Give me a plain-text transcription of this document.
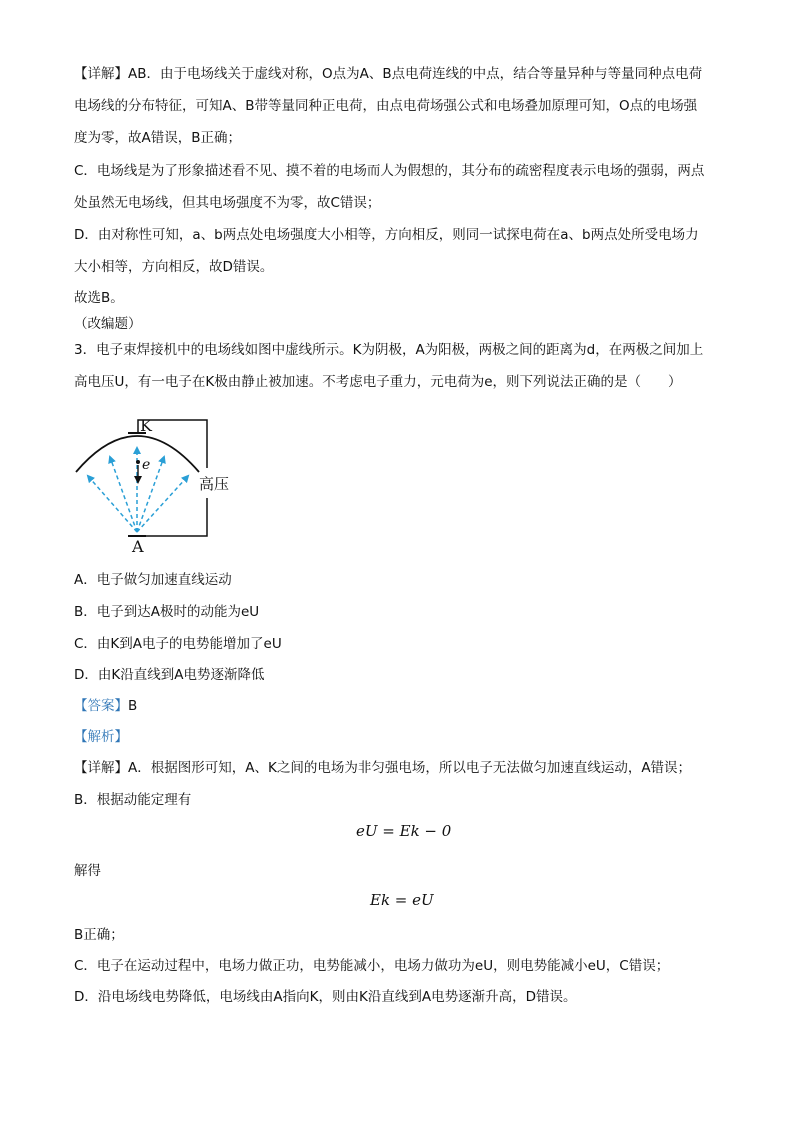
【详解】AB．由于电场线关于虚线对称，O点为A、B点电荷连线的中点，结合等量异种与等量同种点电荷
电场线的分布特征，可知A、B带等量同种正电荷，由点电荷场强公式和电场叠加原理可知，O点的电场强
度为零，故A错误，B正确；
C．电场线是为了形象描述看不见、摸不着的电场而人为假想的，其分布的疏密程度表示电场的强弱，两点
处虽然无电场线，但其电场强度不为零，故C错误；
D．由对称性可知，a、b两点处电场强度大小相等，方向相反，则同一试探电荷在a、b两点处所受电场力
大小相等，方向相反，故D错误。
故选B。
（改编题）
3．电子束焊接机中的电场线如图中虚线所示。K为阴极，A为阳极，两极之间的距离为d，在两极之间加上
高电压U，有一电子在K极由静止被加速。不考虑电子重力，元电荷为e，则下列说法正确的是（　　）
K
e
高压
A
A．电子做匀加速直线运动
B．电子到达A极时的动能为eU
C．由K到A电子的电势能增加了eU
D．由K沿直线到A电势逐渐降低
【答案】B
【解析】
【详解】A．根据图形可知，A、K之间的电场为非匀强电场，所以电子无法做匀加速直线运动，A错误；
B．根据动能定理有
eU = Ek − 0
解得
Ek = eU
B正确；
C．电子在运动过程中，电场力做正功，电势能减小，电场力做功为eU，则电势能减小eU，C错误；
D．沿电场线电势降低，电场线由A指向K，则由K沿直线到A电势逐渐升高，D错误。
